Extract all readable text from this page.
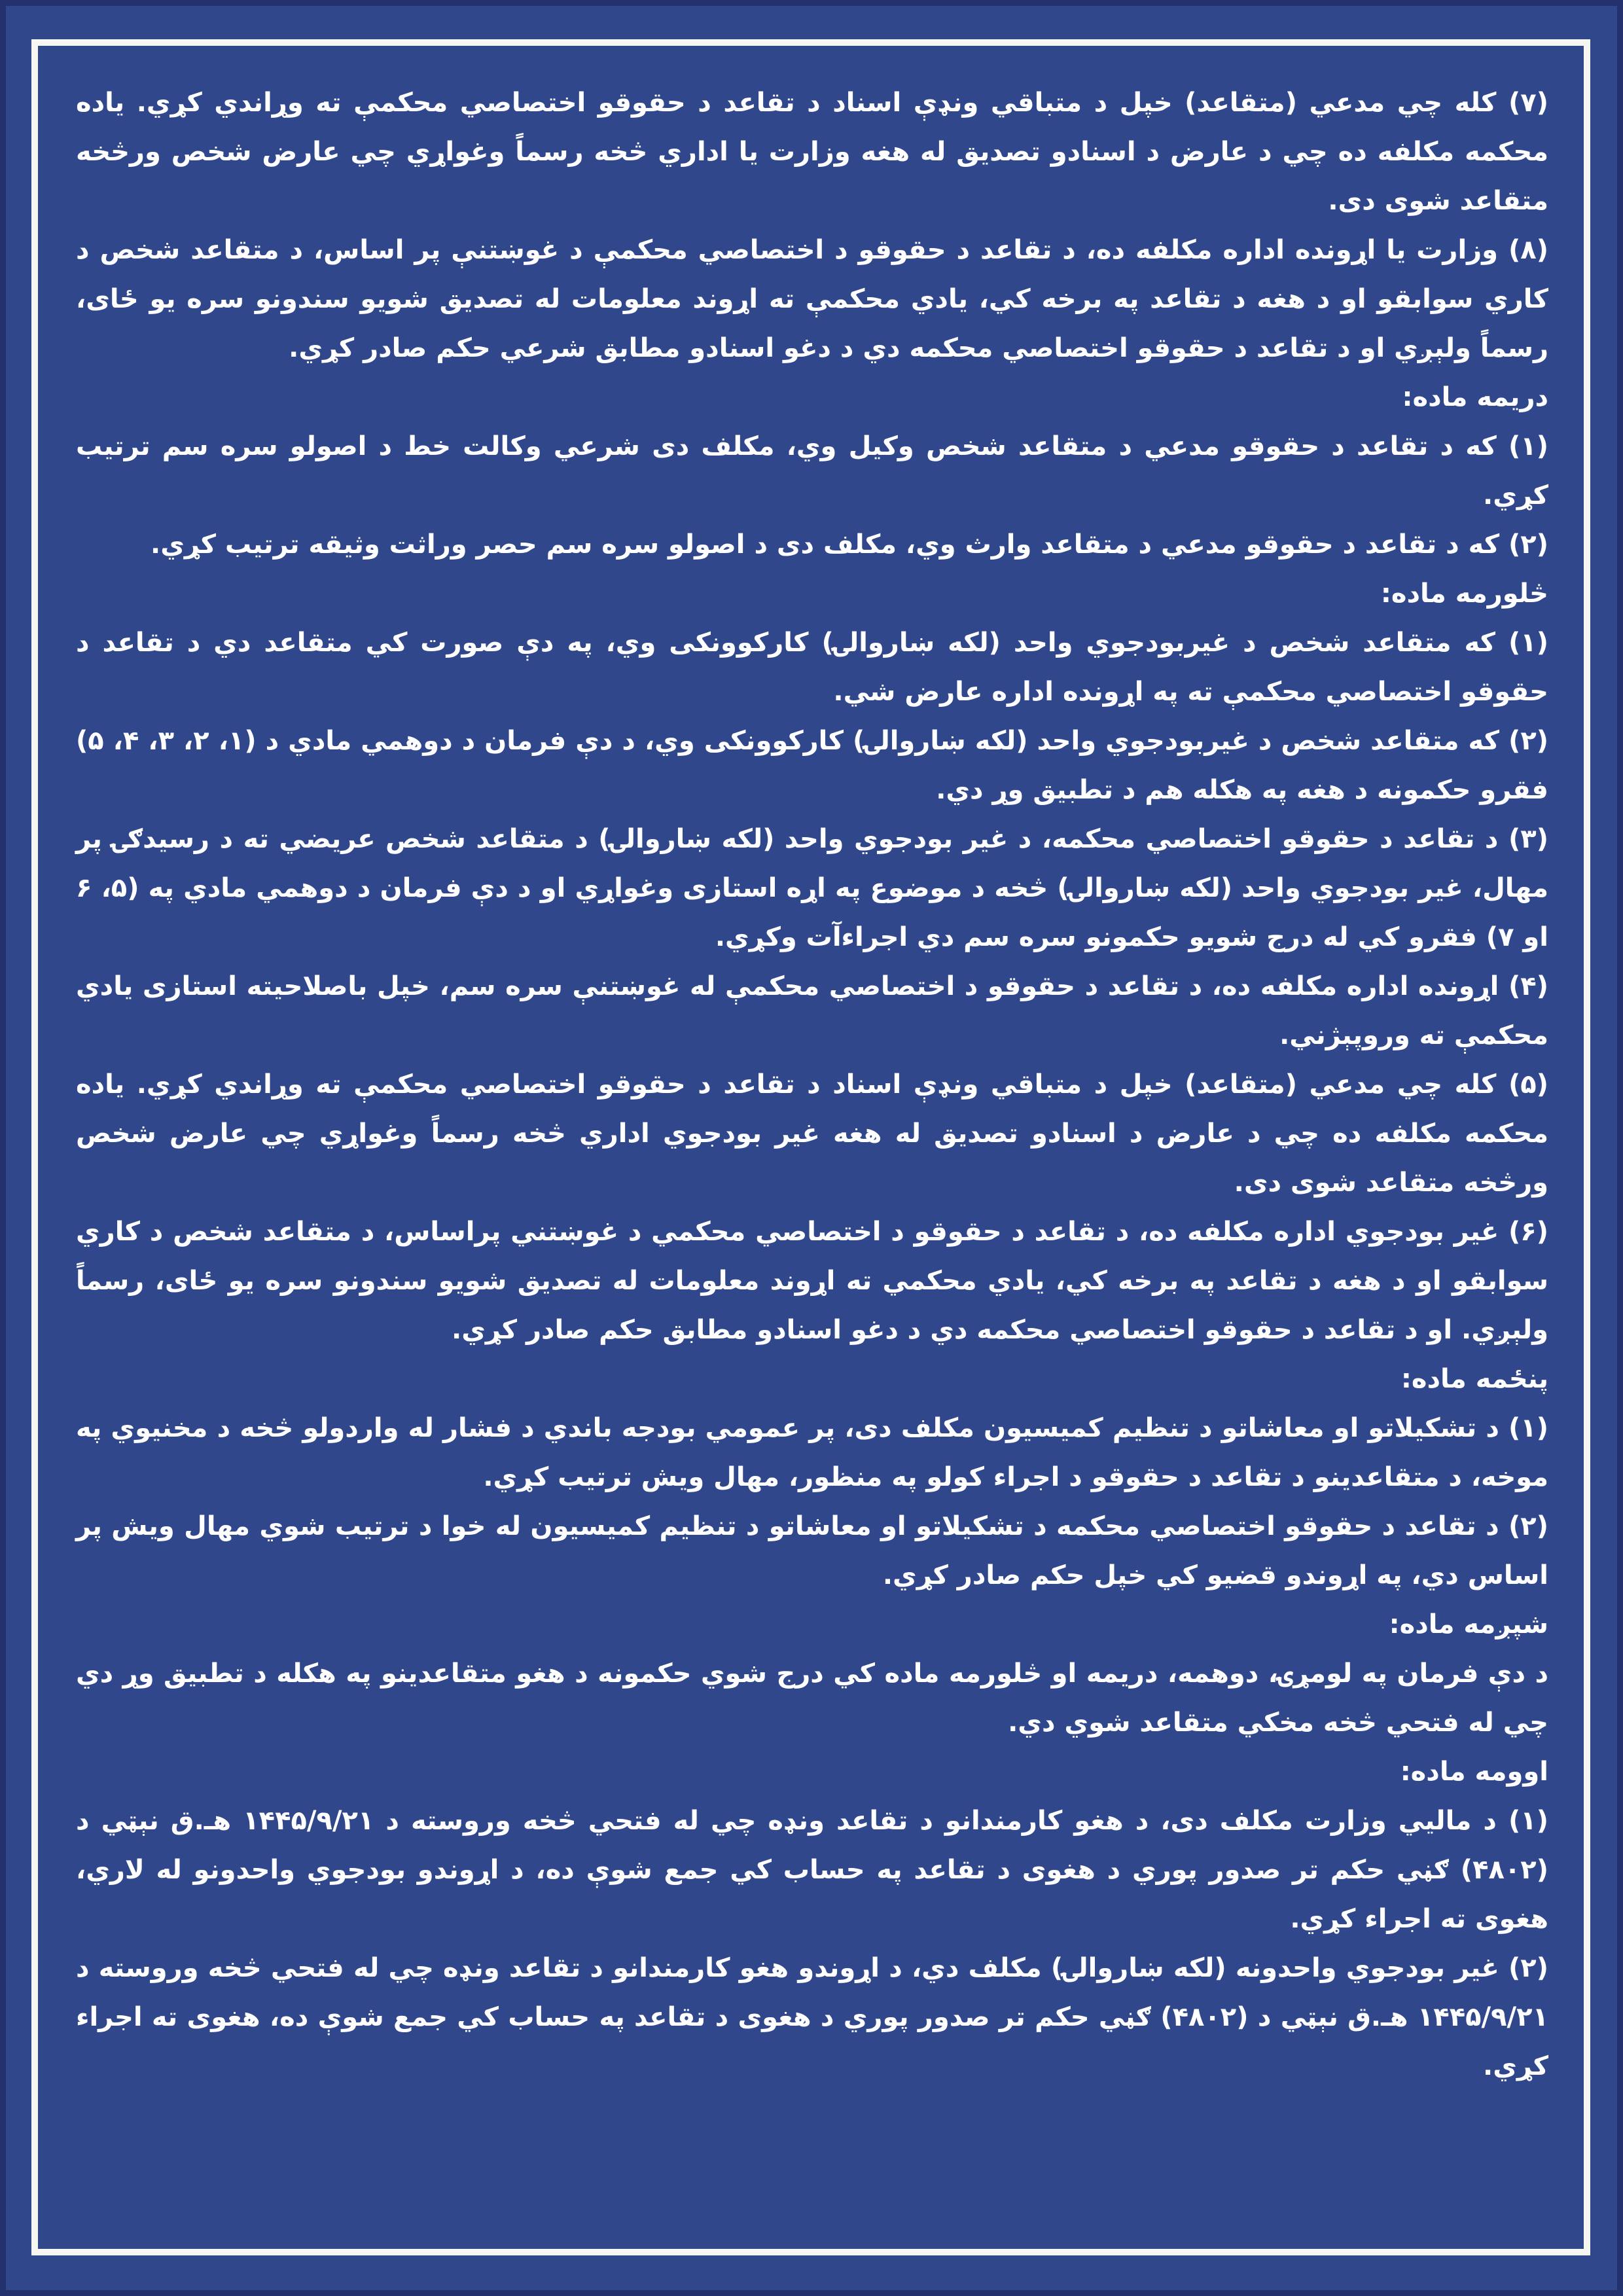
(۷) کله چي مدعي (متقاعد) خپل د متباقي ونډې اسناد د تقاعد د حقوقو اختصاصي محکمې ته وړاندي کړي. یاده محکمه مکلفه ده چي د عارض د اسنادو تصدیق له هغه وزارت یا اداري څخه رسماً وغواړي چي عارض شخص ورڅخه متقاعد شوی دی.

(۸) وزارت یا اړونده اداره مکلفه ده، د تقاعد د حقوقو د اختصاصي محکمې د غوښتنې پر اساس، د متقاعد شخص د کاري سوابقو او د هغه د تقاعد په برخه کي، یادي محکمې ته اړوند معلومات له تصدیق شویو سندونو سره یو ځای، رسماً ولېږي او د تقاعد د حقوقو اختصاصي محکمه دي د دغو اسنادو مطابق شرعي حکم صادر کړي.

دریمه ماده:

(۱) که د تقاعد د حقوقو مدعي د متقاعد شخص وکیل وي، مکلف دی شرعي وکالت خط د اصولو سره سم ترتیب کړي.

(۲) که د تقاعد د حقوقو مدعي د متقاعد وارث وي، مکلف دی د اصولو سره سم حصر وراثت وثیقه ترتیب کړي.

څلورمه ماده:

(۱) که متقاعد شخص د غیربودجوي واحد (لکه ښاروالۍ) کارکوونکی وي، په دې صورت کي متقاعد دي د تقاعد د حقوقو اختصاصي محکمې ته په اړونده اداره عارض شي.

(۲) که متقاعد شخص د غیربودجوي واحد (لکه ښاروالۍ) کارکوونکی وي، د دې فرمان د دوهمي مادي د (۱، ۲، ۳، ۴، ۵) فقرو حکمونه د هغه په هکله هم د تطبیق وړ دي.

(۳) د تقاعد د حقوقو اختصاصي محکمه، د غیر بودجوي واحد (لکه ښاروالۍ) د متقاعد شخص عریضي ته د رسیدګۍ پر مهال، غیر بودجوي واحد (لکه ښاروالۍ) څخه د موضوع په اړه استازی وغواړي او د دې فرمان د دوهمي مادي په (۵، ۶ او ۷) فقرو کي له درج شویو حکمونو سره سم دي اجراءآت وکړي.

(۴) اړونده اداره مکلفه ده، د تقاعد د حقوقو د اختصاصي محکمې له غوښتنې سره سم، خپل باصلاحیته استازی یادي محکمې ته وروپېژني.

(۵) کله چي مدعي (متقاعد) خپل د متباقي ونډې اسناد د تقاعد د حقوقو اختصاصي محکمې ته وړاندي کړي. یاده محکمه مکلفه ده چي د عارض د اسنادو تصدیق له هغه غیر بودجوي اداري څخه رسماً وغواړي چي عارض شخص ورڅخه متقاعد شوی دی.

(۶) غیر بودجوي اداره مکلفه ده، د تقاعد د حقوقو د اختصاصي محکمي د غوښتني پراساس، د متقاعد شخص د کاري سوابقو او د هغه د تقاعد په برخه کي، یادي محکمي ته اړوند معلومات له تصدیق شویو سندونو سره یو ځای، رسماً ولېږي. او د تقاعد د حقوقو اختصاصي محکمه دي د دغو اسنادو مطابق حکم صادر کړي.

پنځمه ماده:

(۱) د تشکیلاتو او معاشاتو د تنظیم کمیسیون مکلف دی، پر عمومي بودجه باندي د فشار له واردولو څخه د مخنیوي په موخه، د متقاعدینو د تقاعد د حقوقو د اجراء کولو په منظور، مهال ویش ترتیب کړي.

(۲) د تقاعد د حقوقو اختصاصي محکمه د تشکیلاتو او معاشاتو د تنظیم کمیسیون له خوا د ترتیب شوي مهال ویش پر اساس دي، په اړوندو قضیو کي خپل حکم صادر کړي.

شپږمه ماده:

د دې فرمان په لومړۍ، دوهمه، دریمه او څلورمه ماده کي درج شوي حکمونه د هغو متقاعدینو په هکله د تطبیق وړ دي چي له فتحي څخه مخکي متقاعد شوي دي.

اوومه ماده:

(۱) د مالیي وزارت مکلف دی، د هغو کارمندانو د تقاعد ونډه چي له فتحي څخه وروسته د ۱۴۴۵/۹/۲۱ هـ.ق نېټي د (۴۸۰۲) ګڼي حکم تر صدور پوري د هغوی د تقاعد په حساب کي جمع شوې ده، د اړوندو بودجوي واحدونو له لاري، هغوی ته اجراء کړي.

(۲) غیر بودجوي واحدونه (لکه ښاروالۍ) مکلف دي، د اړوندو هغو کارمندانو د تقاعد ونډه چي له فتحي څخه وروسته د ۱۴۴۵/۹/۲۱ هـ.ق نېټي د (۴۸۰۲) ګڼي حکم تر صدور پوري د هغوی د تقاعد په حساب کي جمع شوې ده، هغوی ته اجراء کړي.
